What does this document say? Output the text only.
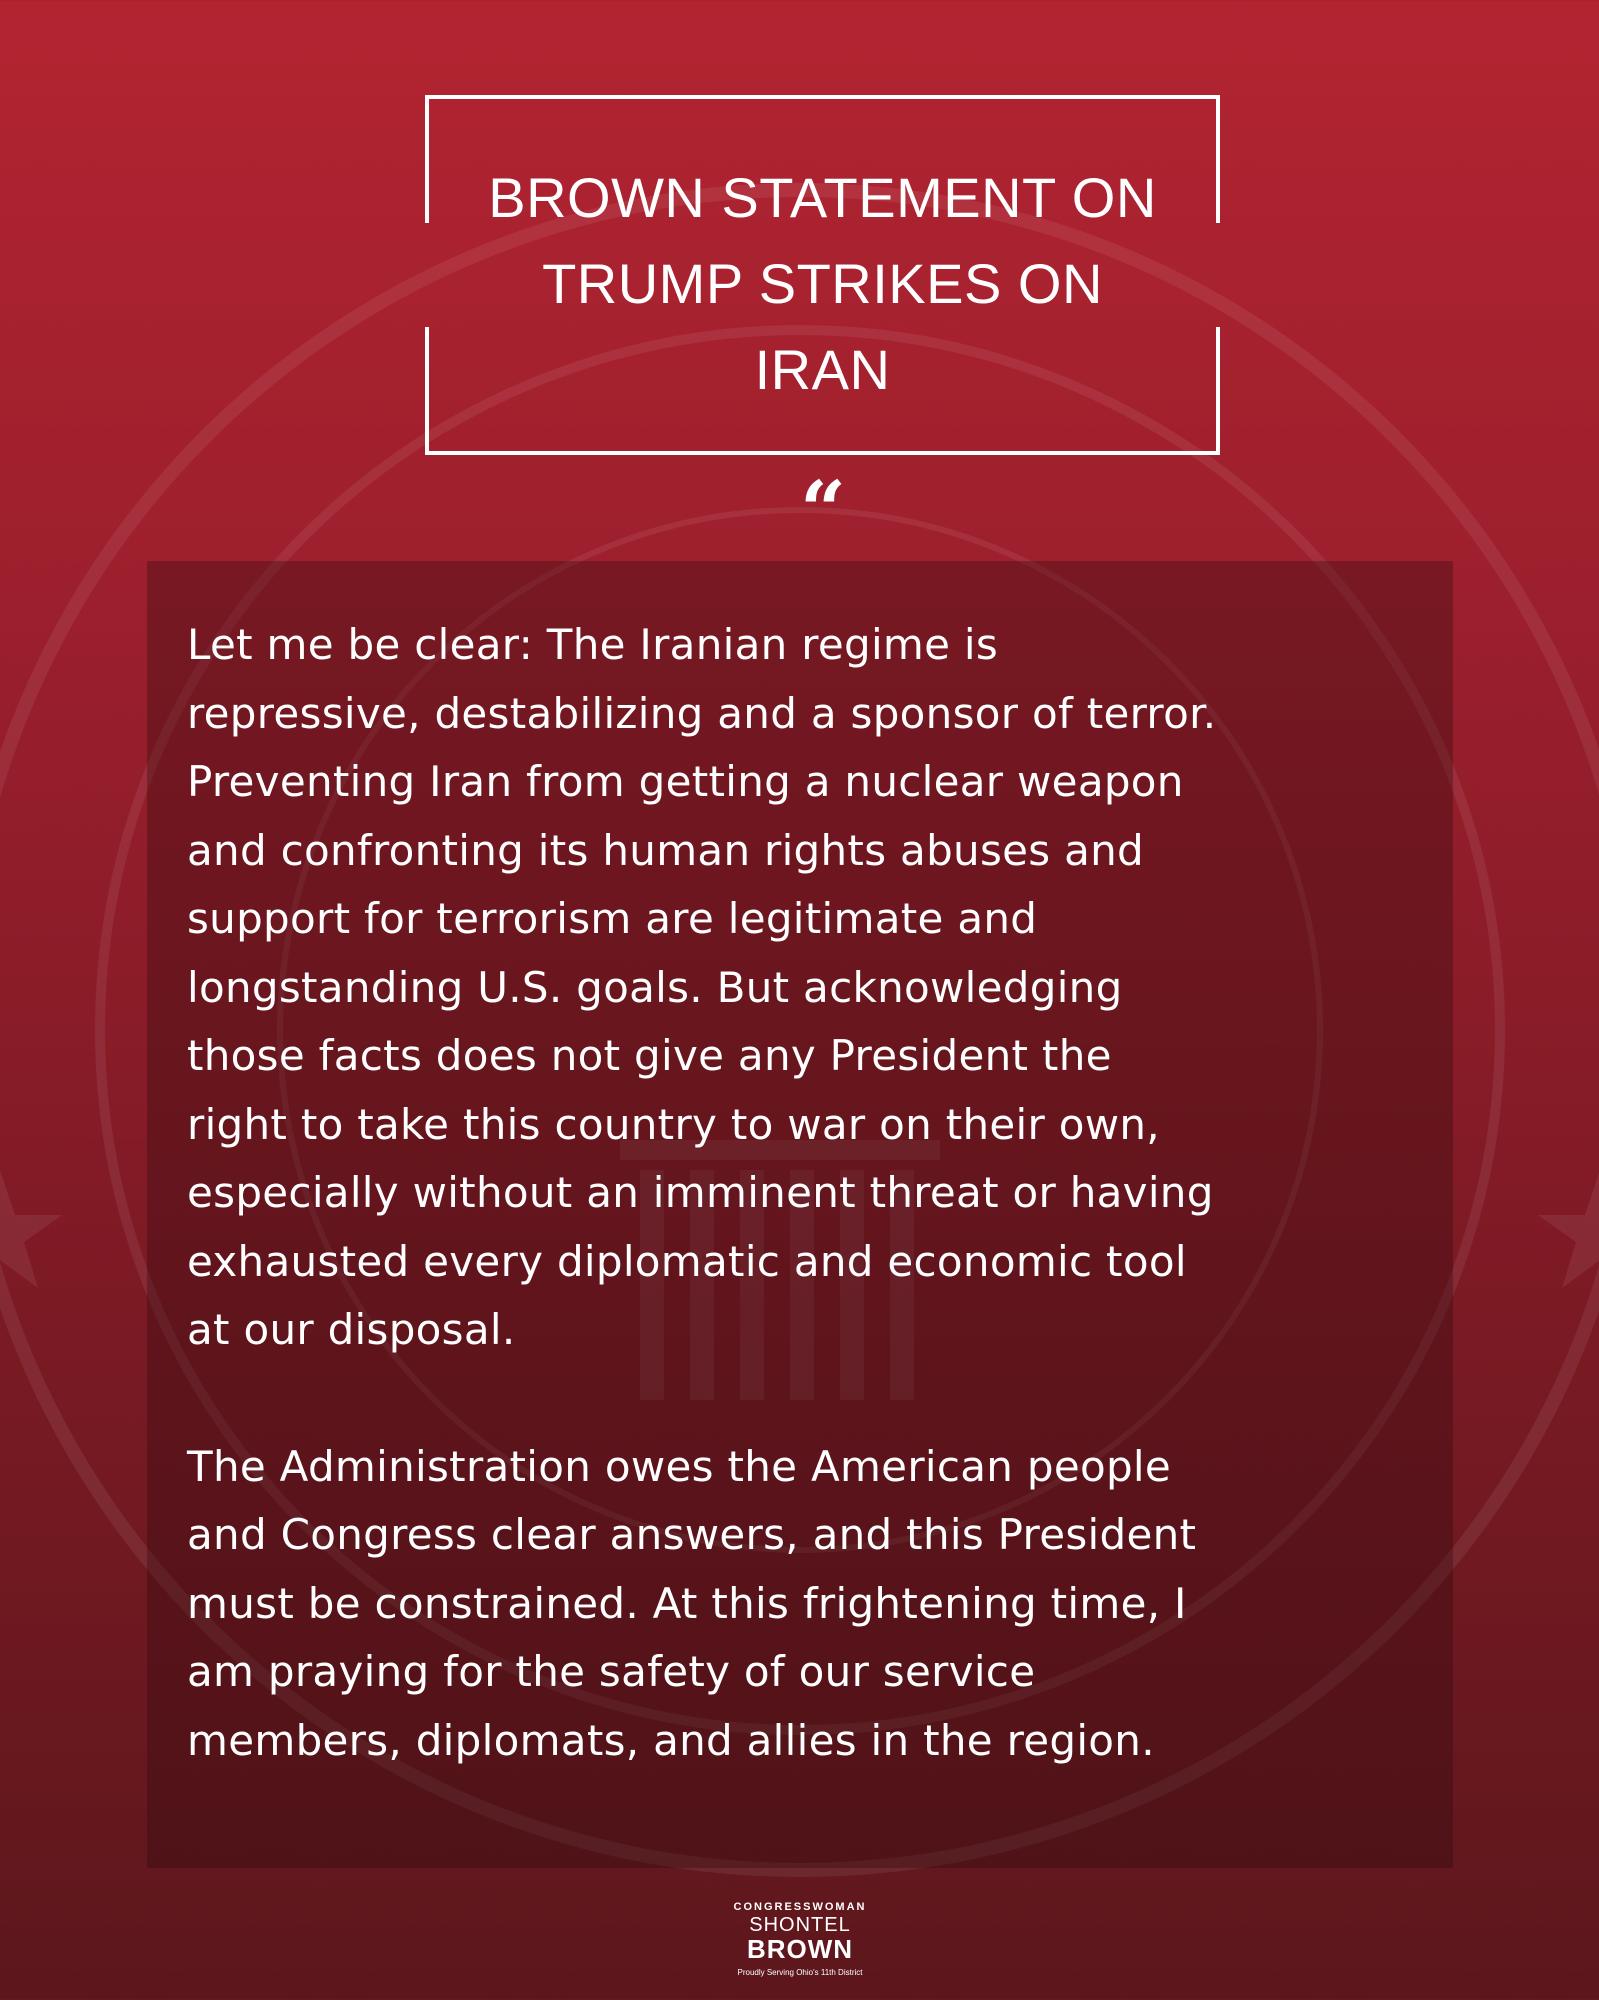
BROWN STATEMENT ON
TRUMP STRIKES ON
IRAN
“

Let me be clear: The Iranian regime is
repressive, destabilizing and a sponsor of terror.
Preventing Iran from getting a nuclear weapon
and confronting its human rights abuses and
support for terrorism are legitimate and
longstanding U.S. goals. But acknowledging
those facts does not give any President the
right to take this country to war on their own,
especially without an imminent threat or having
exhausted every diplomatic and economic tool
at our disposal.

The Administration owes the American people
and Congress clear answers, and this President
must be constrained. At this frightening time, I
am praying for the safety of our service
members, diplomats, and allies in the region.

CONGRESSWOMAN
SHONTEL
BROWN
Proudly Serving Ohio's 11th District
